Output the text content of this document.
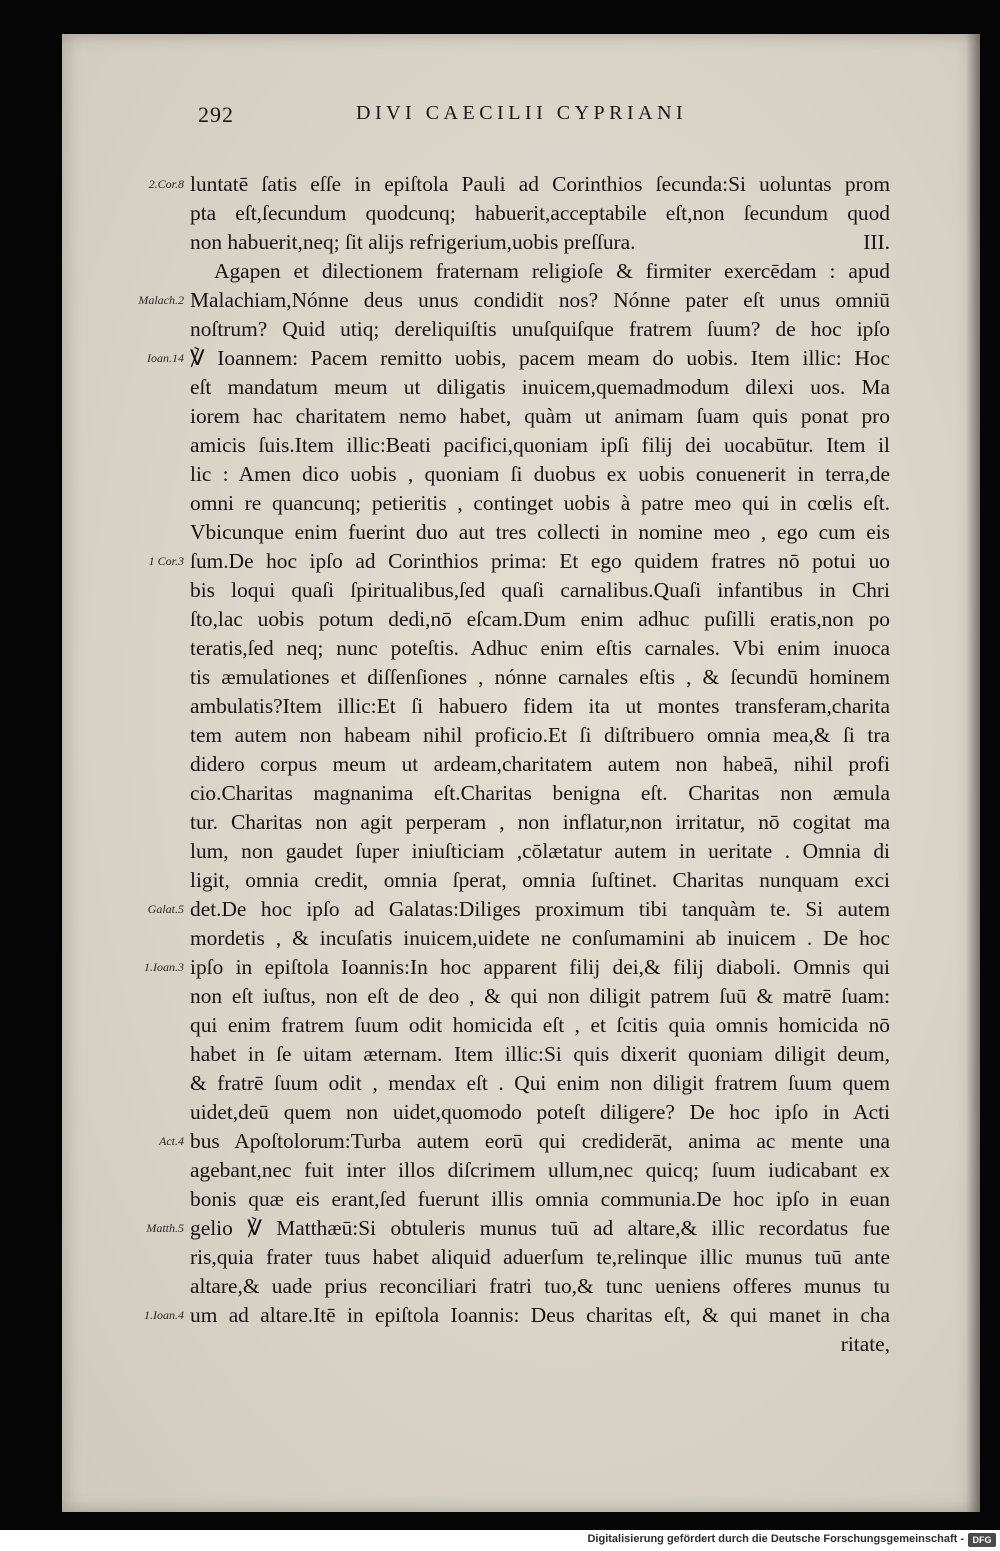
292	DIVI CAECILII CYPRIANI
luntatē ſatis eſſe in epiſtola Pauli ad Corinthios ſecunda:Si uoluntas prom
2.Cor.8
pta eſt,ſecundum quodcunq; habuerit,acceptabile eſt,non ſecundum quod
non habuerit,neq; ſit alijs refrigerium,uobis preſſura.	III.
Agapen et dilectionem fraternam religioſe & firmiter exercēdam : apud
Malachiam,Nónne deus unus condidit nos? Nónne pater eſt unus omniū
Malach.2
noſtrum? Quid utiq; dereliquiſtis unuſquiſque fratrem ſuum? de hoc ipſo
℣ Ioannem: Pacem remitto uobis, pacem meam do uobis. Item illic: Hoc
Ioan.14
eſt mandatum meum ut diligatis inuicem,quemadmodum dilexi uos. Ma
iorem hac charitatem nemo habet, quàm ut animam ſuam quis ponat pro
amicis ſuis.Item illic:Beati pacifici,quoniam ipſi filij dei uocabūtur. Item il
lic : Amen dico uobis , quoniam ſi duobus ex uobis conuenerit in terra,de
omni re quancunq; petieritis , continget uobis à patre meo qui in cœlis eſt.
Vbicunque enim fuerint duo aut tres collecti in nomine meo , ego cum eis
ſum.De hoc ipſo ad Corinthios prima: Et ego quidem fratres nō potui uo
1 Cor.3
bis loqui quaſi ſpiritualibus,ſed quaſi carnalibus.Quaſi infantibus in Chri
ſto,lac uobis potum dedi,nō eſcam.Dum enim adhuc puſilli eratis,non po
teratis,ſed neq; nunc poteſtis. Adhuc enim eſtis carnales. Vbi enim inuoca
tis æmulationes et diſſenſiones , nónne carnales eſtis , & ſecundū hominem
ambulatis?Item illic:Et ſi habuero fidem ita ut montes transferam,charita
tem autem non habeam nihil proficio.Et ſi diſtribuero omnia mea,& ſi tra
didero corpus meum ut ardeam,charitatem autem non habeā, nihil profi
cio.Charitas magnanima eſt.Charitas benigna eſt. Charitas non æmula
tur. Charitas non agit perperam , non inflatur,non irritatur, nō cogitat ma
lum, non gaudet ſuper iniuſticiam ,cōlætatur autem in ueritate . Omnia di
ligit, omnia credit, omnia ſperat, omnia ſuſtinet. Charitas nunquam exci
det.De hoc ipſo ad Galatas:Diliges proximum tibi tanquàm te. Si autem
Galat.5
mordetis , & incuſatis inuicem,uidete ne conſumamini ab inuicem . De hoc
ipſo in epiſtola Ioannis:In hoc apparent filij dei,& filij diaboli. Omnis qui
1.Ioan.3
non eſt iuſtus, non eſt de deo , & qui non diligit patrem ſuū & matrē ſuam:
qui enim fratrem ſuum odit homicida eſt , et ſcitis quia omnis homicida nō
habet in ſe uitam æternam. Item illic:Si quis dixerit quoniam diligit deum,
& fratrē ſuum odit , mendax eſt . Qui enim non diligit fratrem ſuum quem
uidet,deū quem non uidet,quomodo poteſt diligere? De hoc ipſo in Acti
bus Apoſtolorum:Turba autem eorū qui crediderāt, anima ac mente una
Act.4
agebant,nec fuit inter illos diſcrimem ullum,nec quicq; ſuum iudicabant ex
bonis quæ eis erant,ſed fuerunt illis omnia communia.De hoc ipſo in euan
gelio ℣ Matthæū:Si obtuleris munus tuū ad altare,& illic recordatus fue
Matth.5
ris,quia frater tuus habet aliquid aduerſum te,relinque illic munus tuū ante
altare,& uade prius reconciliari fratri tuo,& tunc ueniens offeres munus tu
um ad altare.Itē in epiſtola Ioannis: Deus charitas eſt, & qui manet in cha
1.Ioan.4
ritate,
Digitalisierung gefördert durch die Deutsche Forschungsgemeinschaft - DFG
